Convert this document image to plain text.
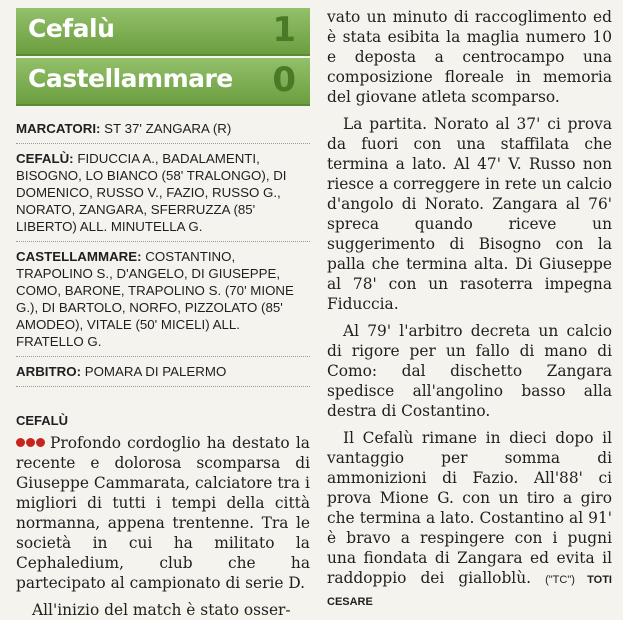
Cefalù	1
Castellammare 0
MARCATORI: ST 37' ZANGARA (R)
CEFALÙ: FIDUCCIA A., BADALAMENTI, BISOGNO, LO BIANCO (58' TRALONGO), DI DOMENICO, RUSSO V., FAZIO, RUSSO G., NORATO, ZANGARA, SFERRUZZA (85' LIBERTO) ALL. MINUTELLA G.
CASTELLAMMARE: COSTANTINO, TRAPOLINO S., D'ANGELO, DI GIUSEPPE, COMO, BARONE, TRAPOLINO S. (70' MIONE G.), DI BARTOLO, NORFO, PIZZOLATO (85' AMODEO), VITALE (50' MICELI) ALL. FRATELLO G.
ARBITRO: POMARA DI PALERMO
CEFALÙ

Profondo cordoglio ha destato la recente e dolorosa scomparsa di Giuseppe Cammarata, calciatore tra i migliori di tutti i tempi della città normanna, appena trentenne. Tra le società in cui ha militato la Cephaledium, club che ha partecipato al campionato di serie D.

All'inizio del match è stato osser-

vato un minuto di raccoglimento ed è stata esibita la maglia numero 10 e deposta a centrocampo una composizione floreale in memoria del giovane atleta scomparso.

La partita. Norato al 37' ci prova da fuori con una staffilata che termina a lato. Al 47' V. Russo non riesce a correggere in rete un calcio d'angolo di Norato. Zangara al 76' spreca quando riceve un suggerimento di Bisogno con la palla che termina alta. Di Giuseppe al 78' con un rasoterra impegna Fiduccia.

Al 79' l'arbitro decreta un calcio di rigore per un fallo di mano di Como: dal dischetto Zangara spedisce all'angolino basso alla destra di Costantino.

Il Cefalù rimane in dieci dopo il vantaggio per somma di ammonizioni di Fazio. All'88' ci prova Mione G. con un tiro a giro che termina a lato. Costantino al 91' è bravo a respingere con i pugni una fiondata di Zangara ed evita il raddoppio dei gialloblù. ("TC") TOTI CESARE
